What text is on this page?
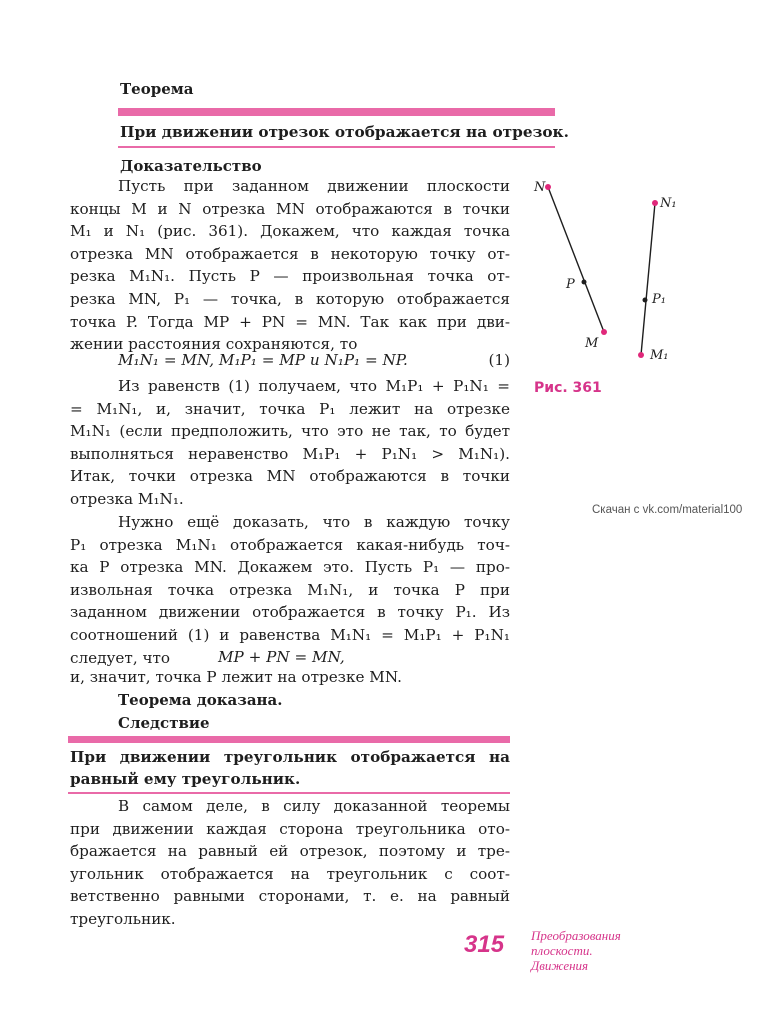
Теорема
При движении отрезок отображается на отрезок.
Доказательство
Пусть при заданном движении плоскости
концы M и N отрезка MN отображаются в точки
M₁ и N₁ (рис. 361). Докажем, что каждая точка
отрезка MN отображается в некоторую точку от-
резка M₁N₁. Пусть P — произвольная точка от-
резка MN, P₁ — точка, в которую отображается
точка P. Тогда MP + PN = MN. Так как при дви-
жении расстояния сохраняются, то
M₁N₁ = MN, M₁P₁ = MP и N₁P₁ = NP.	(1)
Из равенств (1) получаем, что M₁P₁ + P₁N₁ =
= M₁N₁, и, значит, точка P₁ лежит на отрезке
M₁N₁ (если предположить, что это не так, то будет
выполняться неравенство M₁P₁ + P₁N₁ > M₁N₁).
Итак, точки отрезка MN отображаются в точки
отрезка M₁N₁.
Нужно ещё доказать, что в каждую точку
P₁ отрезка M₁N₁ отображается какая-нибудь точ-
ка P отрезка MN. Докажем это. Пусть P₁ — про-
извольная точка отрезка M₁N₁, и точка P при
заданном движении отображается в точку P₁. Из
соотношений (1) и равенства M₁N₁ = M₁P₁ + P₁N₁
следует, что	MP + PN = MN,
и, значит, точка P лежит на отрезке MN.
Теорема доказана.
Следствие
При движении треугольник отображается на
равный ему треугольник.
В самом деле, в силу доказанной теоремы
при движении каждая сторона треугольника ото-
бражается на равный ей отрезок, поэтому и тре-
угольник отображается на треугольник с соот-
ветственно равными сторонами, т. е. на равный
треугольник.
N
P
M
N₁
P₁
M₁
Рис. 361
Скачан с vk.com/material100
315 Преобразования
плоскости.
Движения
